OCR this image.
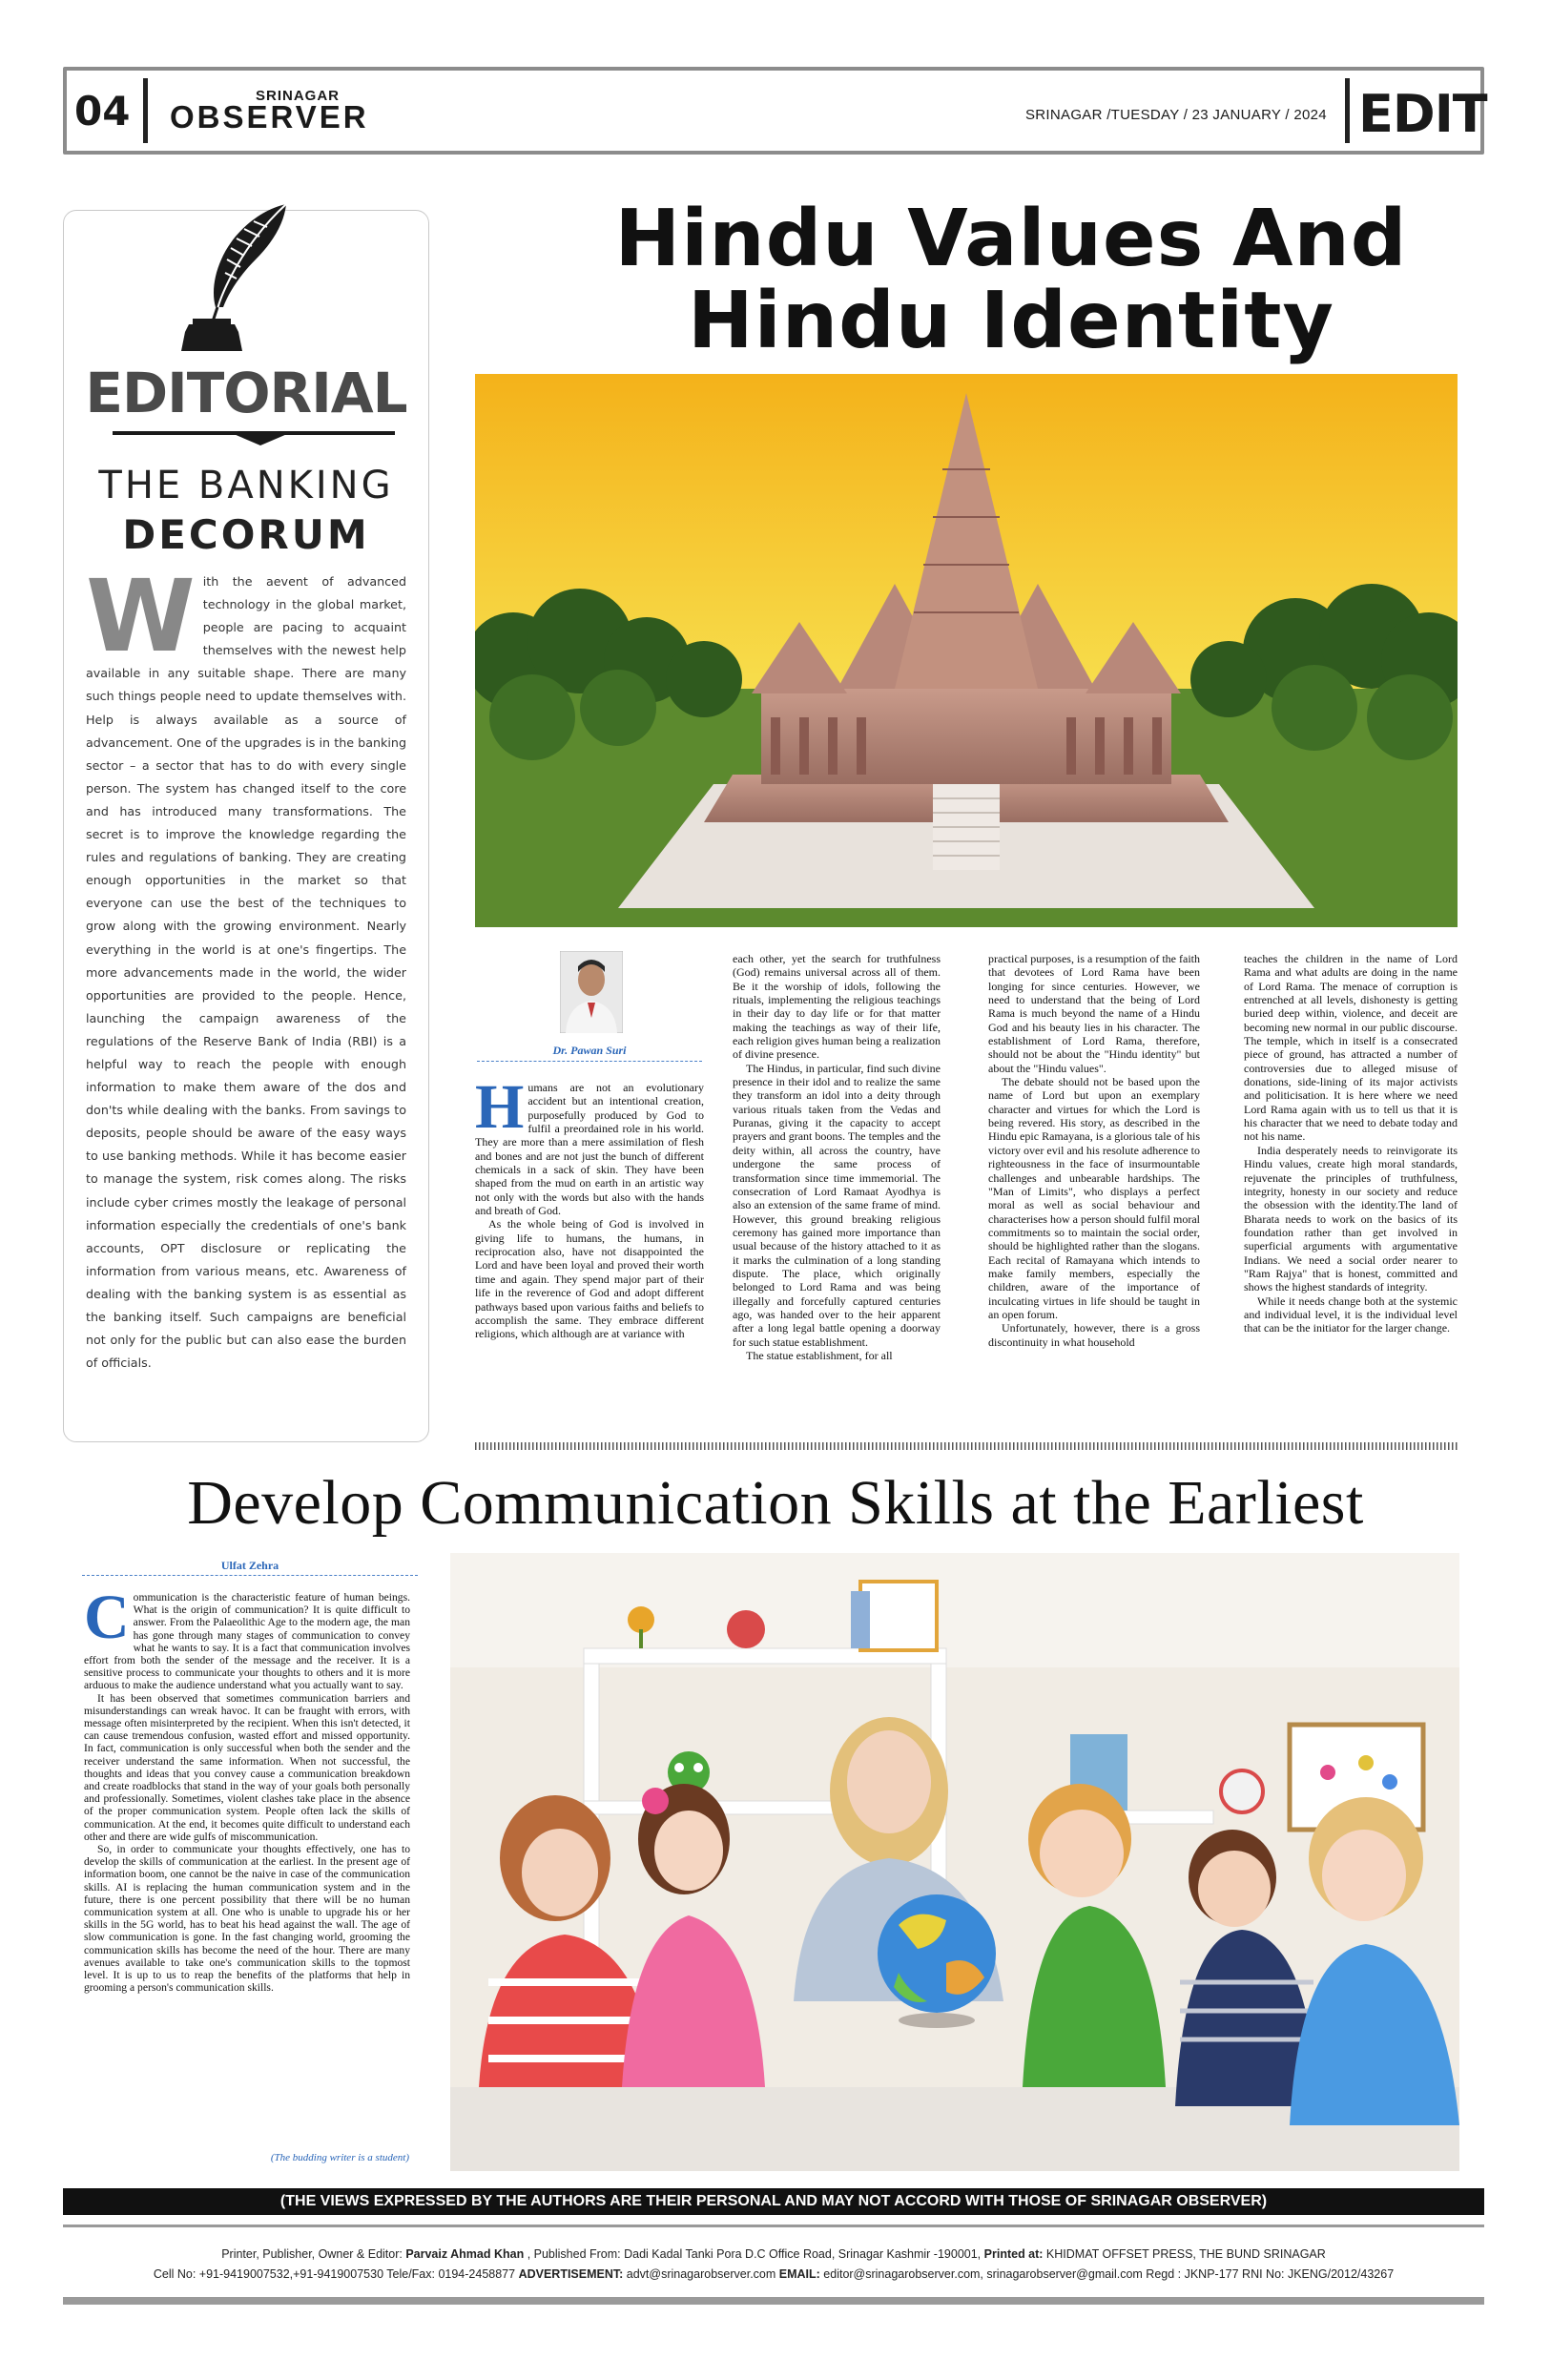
04	SRINAGAR
OBSERVER	SRINAGAR /TUESDAY / 23 JANUARY / 2024 EDIT
EDITORIAL
THE BANKING
DECORUM
W ith the aevent of advanced technology in the global market, people are pacing to acquaint themselves with the newest help available in any suitable shape. There are many such things people need to update themselves with. Help is always available as a source of advancement. One of the upgrades is in the banking sector – a sector that has to do with every single person. The system has changed itself to the core and has introduced many transformations. The secret is to improve the knowledge regarding the rules and regulations of banking. They are creating enough opportunities in the market so that everyone can use the best of the techniques to grow along with the growing environment. Nearly everything in the world is at one's fingertips. The more advancements made in the world, the wider opportunities are provided to the people. Hence, launching the campaign awareness of the regulations of the Reserve Bank of India (RBI) is a helpful way to reach the people with enough information to make them aware of the dos and don'ts while dealing with the banks. From savings to deposits, people should be aware of the easy ways to use banking methods. While it has become easier to manage the system, risk comes along. The risks include cyber crimes mostly the leakage of personal information especially the credentials of one's bank accounts, OPT disclosure or replicating the information from various means, etc. Awareness of dealing with the banking system is as essential as the banking itself. Such campaigns are beneficial not only for the public but can also ease the burden of officials.
Hindu Values And
Hindu Identity
Dr. Pawan Suri

Humans are not an evolutionary accident but an intentional creation, purposefully produced by God to fulfil a preordained role in his world. They are more than a mere assimilation of flesh and bones and are not just the bunch of different chemicals in a sack of skin. They have been shaped from the mud on earth in an artistic way not only with the words but also with the hands and breath of God.

As the whole being of God is involved in giving life to humans, the humans, in reciprocation also, have not disappointed the Lord and have been loyal and proved their worth time and again. They spend major part of their life in the reverence of God and adopt different pathways based upon various faiths and beliefs to accomplish the same. They embrace different religions, which although are at variance with

each other, yet the search for truthfulness (God) remains universal across all of them. Be it the worship of idols, following the rituals, implementing the religious teachings in their day to day life or for that matter making the teachings as way of their life, each religion gives human being a realization of divine presence.

The Hindus, in particular, find such divine presence in their idol and to realize the same they transform an idol into a deity through various rituals taken from the Vedas and Puranas, giving it the capacity to accept prayers and grant boons. The temples and the deity within, all across the country, have undergone the same process of transformation since time immemorial. The consecration of Lord Ramaat Ayodhya is also an extension of the same frame of mind. However, this ground breaking religious ceremony has gained more importance than usual because of the history attached to it as it marks the culmination of a long standing dispute. The place, which originally belonged to Lord Rama and was being illegally and forcefully captured centuries ago, was handed over to the heir apparent after a long legal battle opening a doorway for such statue establishment.

The statue establishment, for all

practical purposes, is a resumption of the faith that devotees of Lord Rama have been longing for since centuries. However, we need to understand that the being of Lord Rama is much beyond the name of a Hindu God and his beauty lies in his character. The establishment of Lord Rama, therefore, should not be about the "Hindu identity" but about the "Hindu values".

The debate should not be based upon the name of Lord but upon an exemplary character and virtues for which the Lord is being revered. His story, as described in the Hindu epic Ramayana, is a glorious tale of his victory over evil and his resolute adherence to righteousness in the face of insurmountable challenges and unbearable hardships. The "Man of Limits", who displays a perfect moral as well as social behaviour and characterises how a person should fulfil moral commitments so to maintain the social order, should be highlighted rather than the slogans. Each recital of Ramayana which intends to make family members, especially the children, aware of the importance of inculcating virtues in life should be taught in an open forum.

Unfortunately, however, there is a gross discontinuity in what household

teaches the children in the name of Lord Rama and what adults are doing in the name of Lord Rama. The menace of corruption is entrenched at all levels, dishonesty is getting buried deep within, violence, and deceit are becoming new normal in our public discourse. The temple, which in itself is a consecrated piece of ground, has attracted a number of controversies due to alleged misuse of donations, side-lining of its major activists and politicisation. It is here where we need Lord Rama again with us to tell us that it is his character that we need to debate today and not his name.

India desperately needs to reinvigorate its Hindu values, create high moral standards, rejuvenate the principles of truthfulness, integrity, honesty in our society and reduce the obsession with the identity.The land of Bharata needs to work on the basics of its foundation rather than get involved in superficial arguments with argumentative Indians. We need a social order nearer to "Ram Rajya" that is honest, committed and shows the highest standards of integrity.

While it needs change both at the systemic and individual level, it is the individual level that can be the initiator for the larger change.

Develop Communication Skills at the Earliest
Ulfat Zehra

Communication is the characteristic feature of human beings. What is the origin of communication? It is quite difficult to answer. From the Palaeolithic Age to the modern age, the man has gone through many stages of communication to convey what he wants to say. It is a fact that communication involves effort from both the sender of the message and the receiver. It is a sensitive process to communicate your thoughts to others and it is more arduous to make the audience understand what you actually want to say.

It has been observed that sometimes communication barriers and misunderstandings can wreak havoc. It can be fraught with errors, with message often misinterpreted by the recipient. When this isn't detected, it can cause tremendous confusion, wasted effort and missed opportunity. In fact, communication is only successful when both the sender and the receiver understand the same information. When not successful, the thoughts and ideas that you convey cause a communication breakdown and create roadblocks that stand in the way of your goals both personally and professionally. Sometimes, violent clashes take place in the absence of the proper communication system. People often lack the skills of communication. At the end, it becomes quite difficult to understand each other and there are wide gulfs of miscommunication.

So, in order to communicate your thoughts effectively, one has to develop the skills of communication at the earliest. In the present age of information boom, one cannot be the naive in case of the communication skills. AI is replacing the human communication system and in the future, there is one percent possibility that there will be no human communication system at all. One who is unable to upgrade his or her skills in the 5G world, has to beat his head against the wall. The age of slow communication is gone. In the fast changing world, grooming the communication skills has become the need of the hour. There are many avenues available to take one's communication skills to the topmost level. It is up to us to reap the benefits of the platforms that help in grooming a person's communication skills.

(The budding writer is a student)
(THE VIEWS EXPRESSED BY THE AUTHORS ARE THEIR PERSONAL AND MAY NOT ACCORD WITH THOSE OF SRINAGAR OBSERVER)
Printer, Publisher, Owner & Editor: Parvaiz Ahmad Khan , Published From: Dadi Kadal Tanki Pora D.C Office Road, Srinagar Kashmir -190001, Printed at: KHIDMAT OFFSET PRESS, THE BUND SRINAGAR
Cell No: +91-9419007532,+91-9419007530 Tele/Fax: 0194-2458877 ADVERTISEMENT: advt@srinagarobserver.com EMAIL: editor@srinagarobserver.com, srinagarobserver@gmail.com Regd : JKNP-177 RNI No: JKENG/2012/43267
